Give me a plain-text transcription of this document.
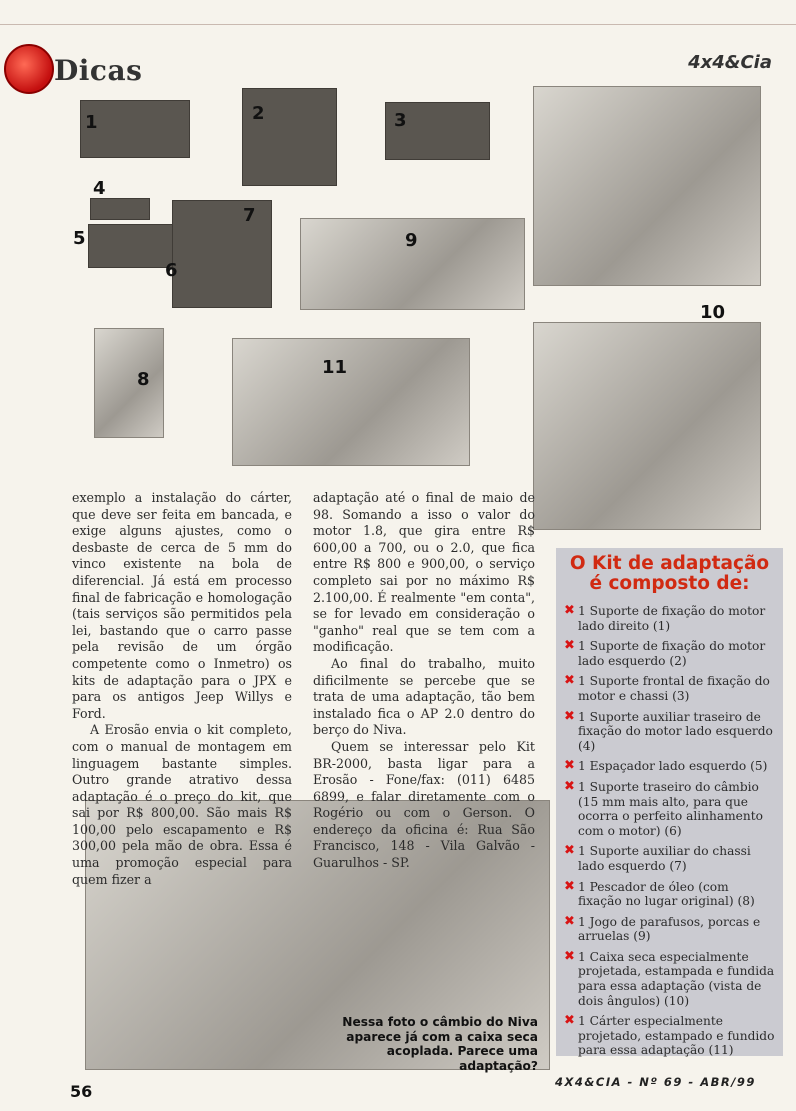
Dicas	4x4&Cia
1	2	3
4
5
6
7
9
10
8
11

exemplo a instalação do cárter, que deve ser feita em bancada, e exige alguns ajustes, como o desbaste de cerca de 5 mm do vinco existente na bola de diferencial. Já está em processo final de fabricação e homologação (tais serviços são permitidos pela lei, bastando que o carro passe pela revisão de um órgão competente como o Inmetro) os kits de adaptação para o JPX e para os antigos Jeep Willys e Ford.

A Erosão envia o kit completo, com o manual de montagem em linguagem bastante simples. Outro grande atrativo dessa adaptação é o preço do kit, que sai por R$ 800,00. São mais R$ 100,00 pelo escapamento e R$ 300,00 pela mão de obra. Essa é uma promoção especial para quem fizer a

adaptação até o final de maio de 98. Somando a isso o valor do motor 1.8, que gira entre R$ 600,00 a 700, ou o 2.0, que fica entre R$ 800 e 900,00, o serviço completo sai por no máximo R$ 2.100,00. É realmente "em conta", se for levado em consideração o "ganho" real que se tem com a modificação.

Ao final do trabalho, muito dificilmente se percebe que se trata de uma adaptação, tão bem instalado fica o AP 2.0 dentro do berço do Niva.

Quem se interessar pelo Kit BR-2000, basta ligar para a Erosão - Fone/fax: (011) 6485 6899, e falar diretamente com o Rogério ou com o Gerson. O endereço da oficina é: Rua São Francisco, 148 - Vila Galvão - Guarulhos - SP.

O Kit de adaptação é composto de:
✖ 1 Suporte de fixação do motor lado direito (1)
✖ 1 Suporte de fixação do motor lado esquerdo (2)
✖ 1 Suporte frontal de fixação do motor e chassi (3)
✖ 1 Suporte auxiliar traseiro de fixação do motor lado esquerdo (4)
✖ 1 Espaçador lado esquerdo (5)
✖ 1 Suporte traseiro do câmbio (15 mm mais alto, para que ocorra o perfeito alinhamento com o motor) (6)
✖ 1 Suporte auxiliar do chassi lado esquerdo (7)
✖ 1 Pescador de óleo (com fixação no lugar original) (8)
✖ 1 Jogo de parafusos, porcas e arruelas (9)
✖ 1 Caixa seca especialmente projetada, estampada e fundida para essa adaptação (vista de dois ângulos) (10)
✖ 1 Cárter especialmente projetado, estampado e fundido para essa adaptação (11)
Nessa foto o câmbio do Niva aparece já com a caixa seca acoplada. Parece uma adaptação?
56	4X4&CIA - Nº 69 - ABR/99
